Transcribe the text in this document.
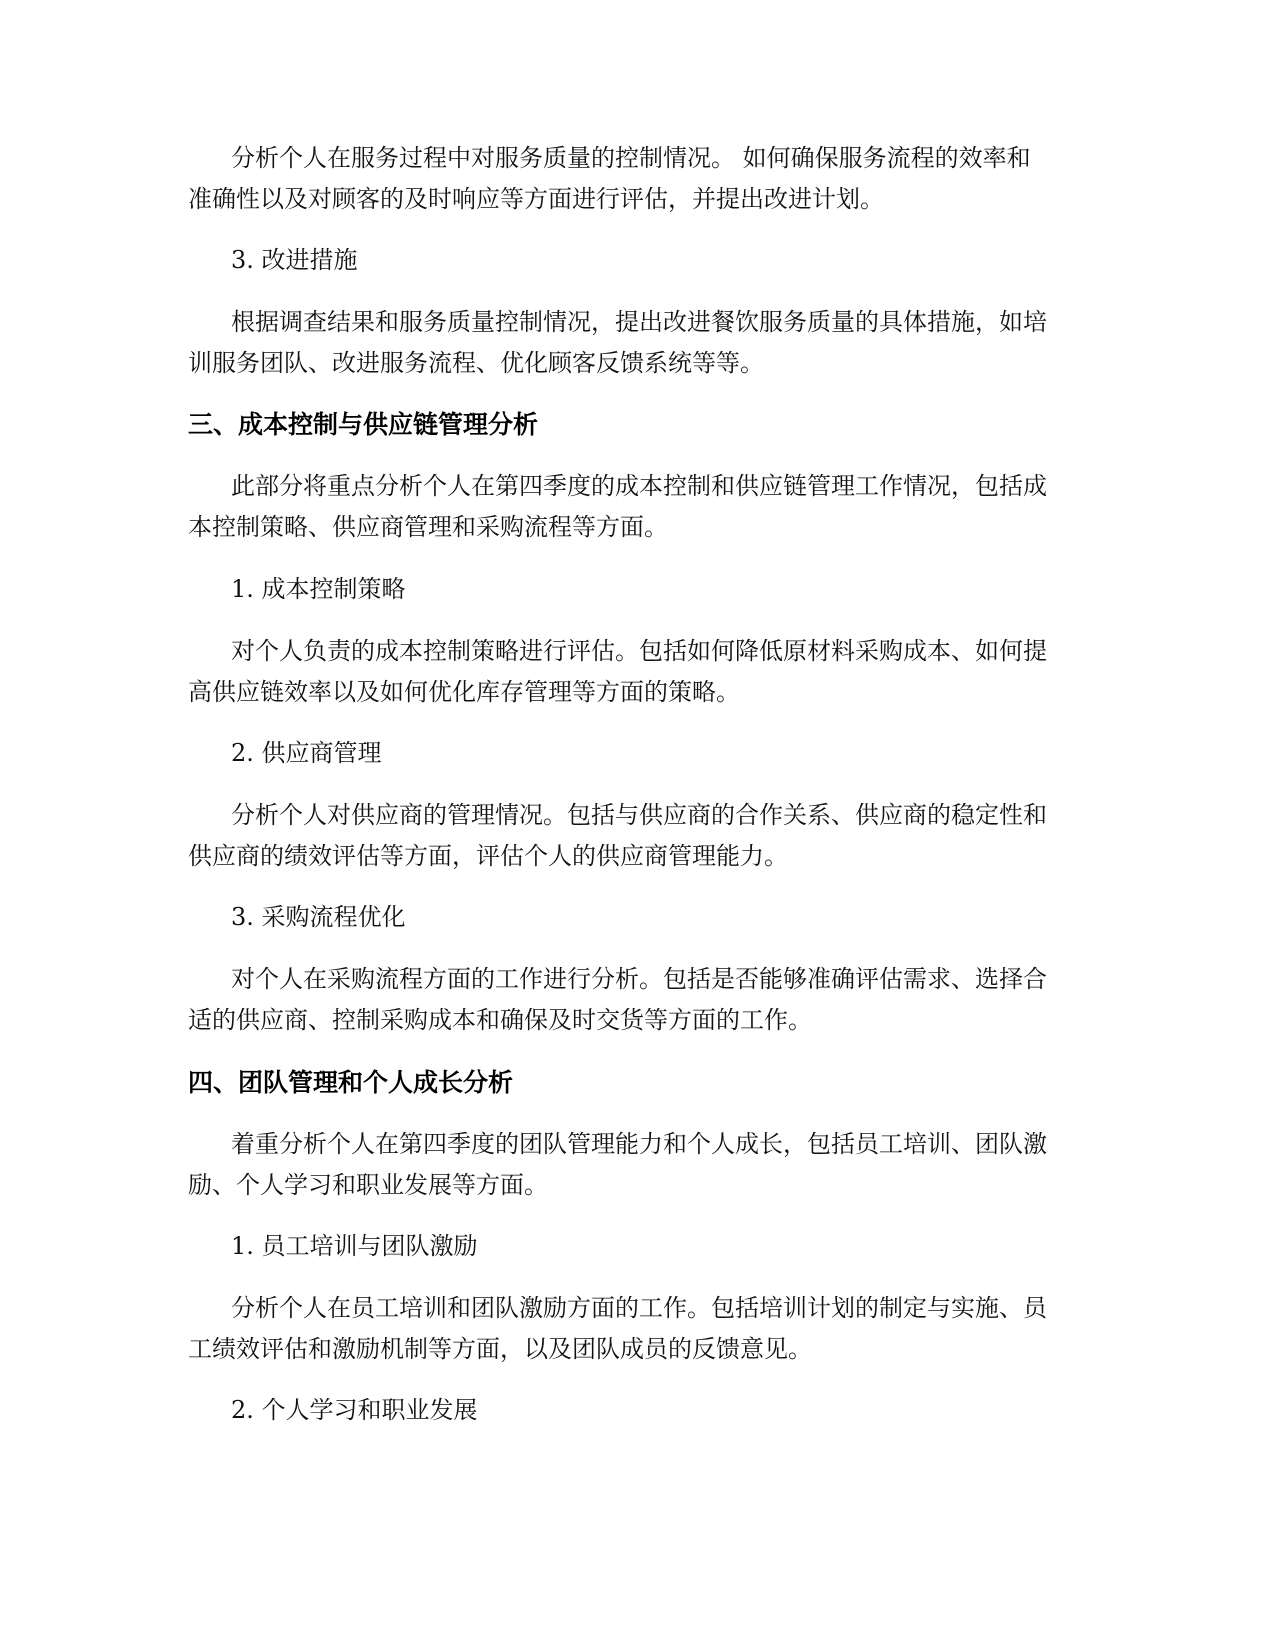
分析个人在服务过程中对服务质量的控制情况。 如何确保服务流程的效率和
准确性以及对顾客的及时响应等方面进行评估，并提出改进计划。
3. 改进措施
根据调查结果和服务质量控制情况，提出改进餐饮服务质量的具体措施，如培
训服务团队、改进服务流程、优化顾客反馈系统等等。
三、成本控制与供应链管理分析
此部分将重点分析个人在第四季度的成本控制和供应链管理工作情况，包括成
本控制策略、供应商管理和采购流程等方面。
1. 成本控制策略
对个人负责的成本控制策略进行评估。包括如何降低原材料采购成本、如何提
高供应链效率以及如何优化库存管理等方面的策略。
2. 供应商管理
分析个人对供应商的管理情况。包括与供应商的合作关系、供应商的稳定性和
供应商的绩效评估等方面，评估个人的供应商管理能力。
3. 采购流程优化
对个人在采购流程方面的工作进行分析。包括是否能够准确评估需求、选择合
适的供应商、控制采购成本和确保及时交货等方面的工作。
四、团队管理和个人成长分析
着重分析个人在第四季度的团队管理能力和个人成长，包括员工培训、团队激
励、个人学习和职业发展等方面。
1. 员工培训与团队激励
分析个人在员工培训和团队激励方面的工作。包括培训计划的制定与实施、员
工绩效评估和激励机制等方面，以及团队成员的反馈意见。
2. 个人学习和职业发展
